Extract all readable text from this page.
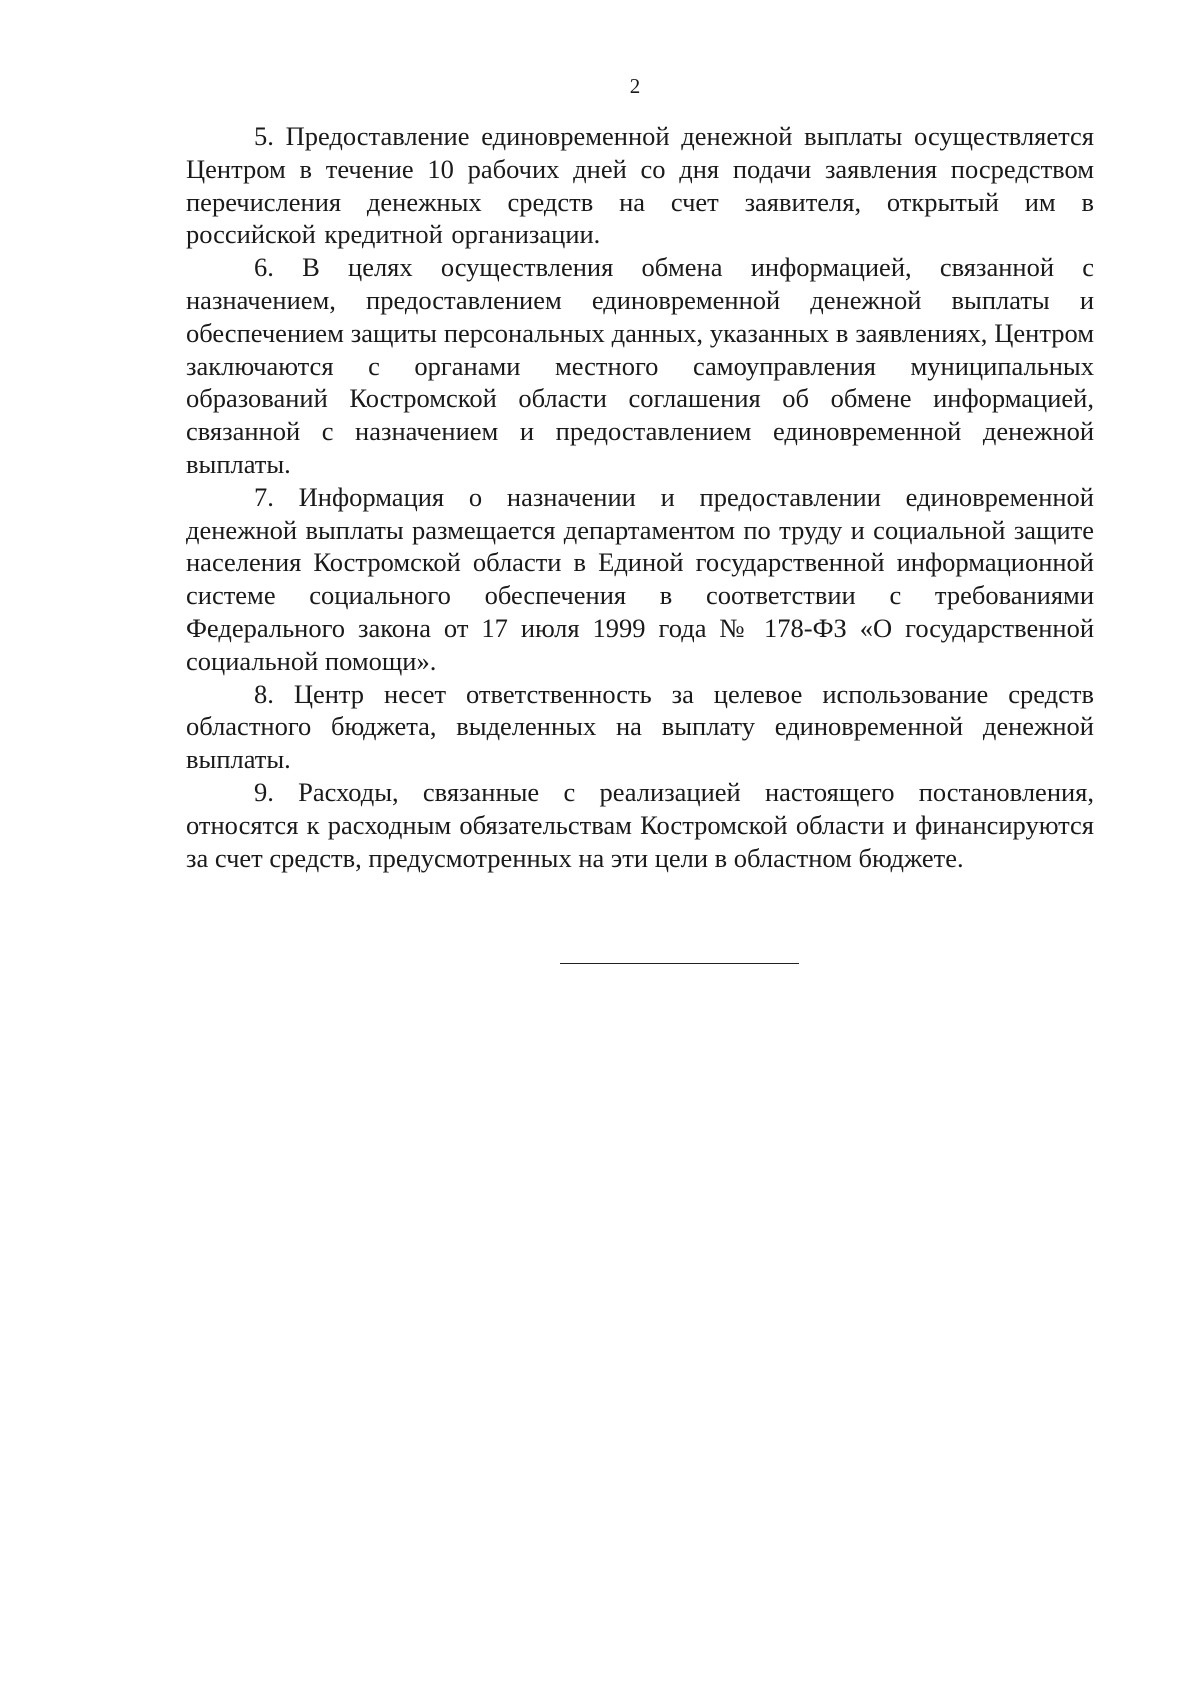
2

5. Предоставление единовременной денежной выплаты осуществляется Центром в течение 10 рабочих дней со дня подачи заявления посредством перечисления денежных средств на счет заявителя, открытый им в российской кредитной организации.

6. В целях осуществления обмена информацией, связанной с назначением, предоставлением единовременной денежной выплаты и обеспечением защиты персональных данных, указанных в заявлениях, Центром заключаются с органами местного самоуправления муниципальных образований Костромской области соглашения об обмене информацией, связанной с назначением и предоставлением единовременной денежной выплаты.

7. Информация о назначении и предоставлении единовременной денежной выплаты размещается департаментом по труду и социальной защите населения Костромской области в Единой государственной информационной системе социального обеспечения в соответствии с требованиями Федерального закона от 17 июля 1999 года № 178-ФЗ «О государственной социальной помощи».

8. Центр несет ответственность за целевое использование средств областного бюджета, выделенных на выплату единовременной денежной выплаты.

9. Расходы, связанные с реализацией настоящего постановления, относятся к расходным обязательствам Костромской области и финансируются за счет средств, предусмотренных на эти цели в областном бюджете.
